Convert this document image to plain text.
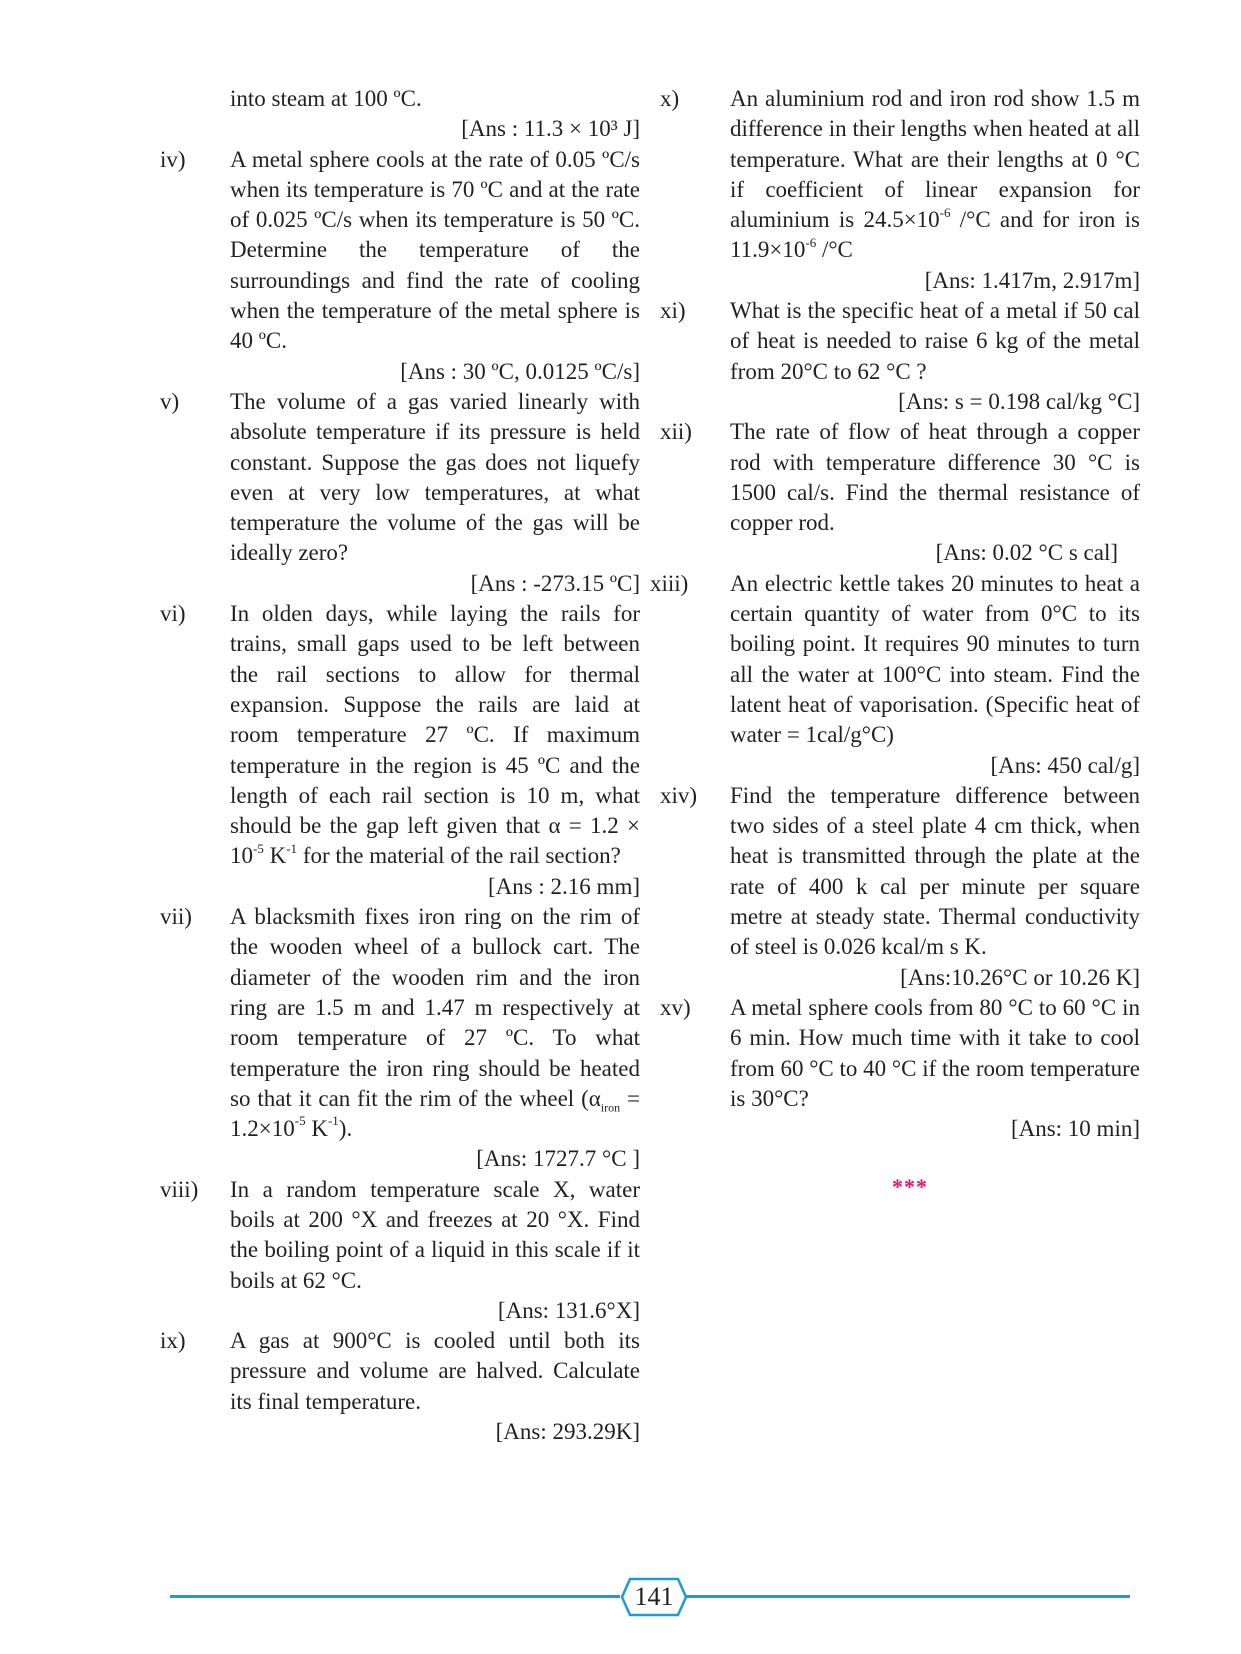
into steam at 100 ºC.
[Ans : 11.3 × 10³ J]
iv) A metal sphere cools at the rate of 0.05 ºC/s when its temperature is 70 ºC and at the rate of 0.025 ºC/s when its temperature is 50 ºC. Determine the temperature of the surroundings and find the rate of cooling when the temperature of the metal sphere is 40 ºC.
[Ans : 30 ºC, 0.0125 ºC/s]
v) The volume of a gas varied linearly with absolute temperature if its pressure is held constant. Suppose the gas does not liquefy even at very low temperatures, at what temperature the volume of the gas will be ideally zero?
[Ans : -273.15 ºC]
vi) In olden days, while laying the rails for trains, small gaps used to be left between the rail sections to allow for thermal expansion. Suppose the rails are laid at room temperature 27 ºC. If maximum temperature in the region is 45 ºC and the length of each rail section is 10 m, what should be the gap left given that $\alpha = 1.2 \times 10^{-5}$ $K^{-1}$ for the material of the rail section?
[Ans : 2.16 mm]
vii) A blacksmith fixes iron ring on the rim of the wooden wheel of a bullock cart. The diameter of the wooden rim and the iron ring are 1.5 m and 1.47 m respectively at room temperature of 27 ºC. To what temperature the iron ring should be heated so that it can fit the rim of the wheel ($\alpha_{iron} = 1.2\times 10^{-5}$ $K^{-1}$).
[Ans: 1727.7 °C ]
viii) In a random temperature scale X, water boils at 200 °X and freezes at 20 °X. Find the boiling point of a liquid in this scale if it boils at 62 °C.
[Ans: 131.6°X]
ix) A gas at 900°C is cooled until both its pressure and volume are halved. Calculate its final temperature.
[Ans: 293.29K]
x) An aluminium rod and iron rod show 1.5 m difference in their lengths when heated at all temperature. What are their lengths at 0 °C if coefficient of linear expansion for aluminium is $24.5\times 10^{-6}$ /°C and for iron is $11.9\times 10^{-6}$ /°C
[Ans: 1.417m, 2.917m]
xi) What is the specific heat of a metal if 50 cal of heat is needed to raise 6 kg of the metal from 20°C to 62 °C ?
[Ans: s = 0.198 cal/kg °C]
xii) The rate of flow of heat through a copper rod with temperature difference 30 °C is 1500 cal/s. Find the thermal resistance of copper rod.
[Ans: 0.02 °C s cal]
xiii) An electric kettle takes 20 minutes to heat a certain quantity of water from 0°C to its boiling point. It requires 90 minutes to turn all the water at 100°C into steam. Find the latent heat of vaporisation. (Specific heat of water = 1cal/g°C)
[Ans: 450 cal/g]
xiv) Find the temperature difference between two sides of a steel plate 4 cm thick, when heat is transmitted through the plate at the rate of 400 k cal per minute per square metre at steady state. Thermal conductivity of steel is 0.026 kcal/m s K.
[Ans:10.26°C or 10.26 K]
xv) A metal sphere cools from 80 °C to 60 °C in 6 min. How much time with it take to cool from 60 °C to 40 °C if the room temperature is 30°C?
[Ans: 10 min]
***
141
